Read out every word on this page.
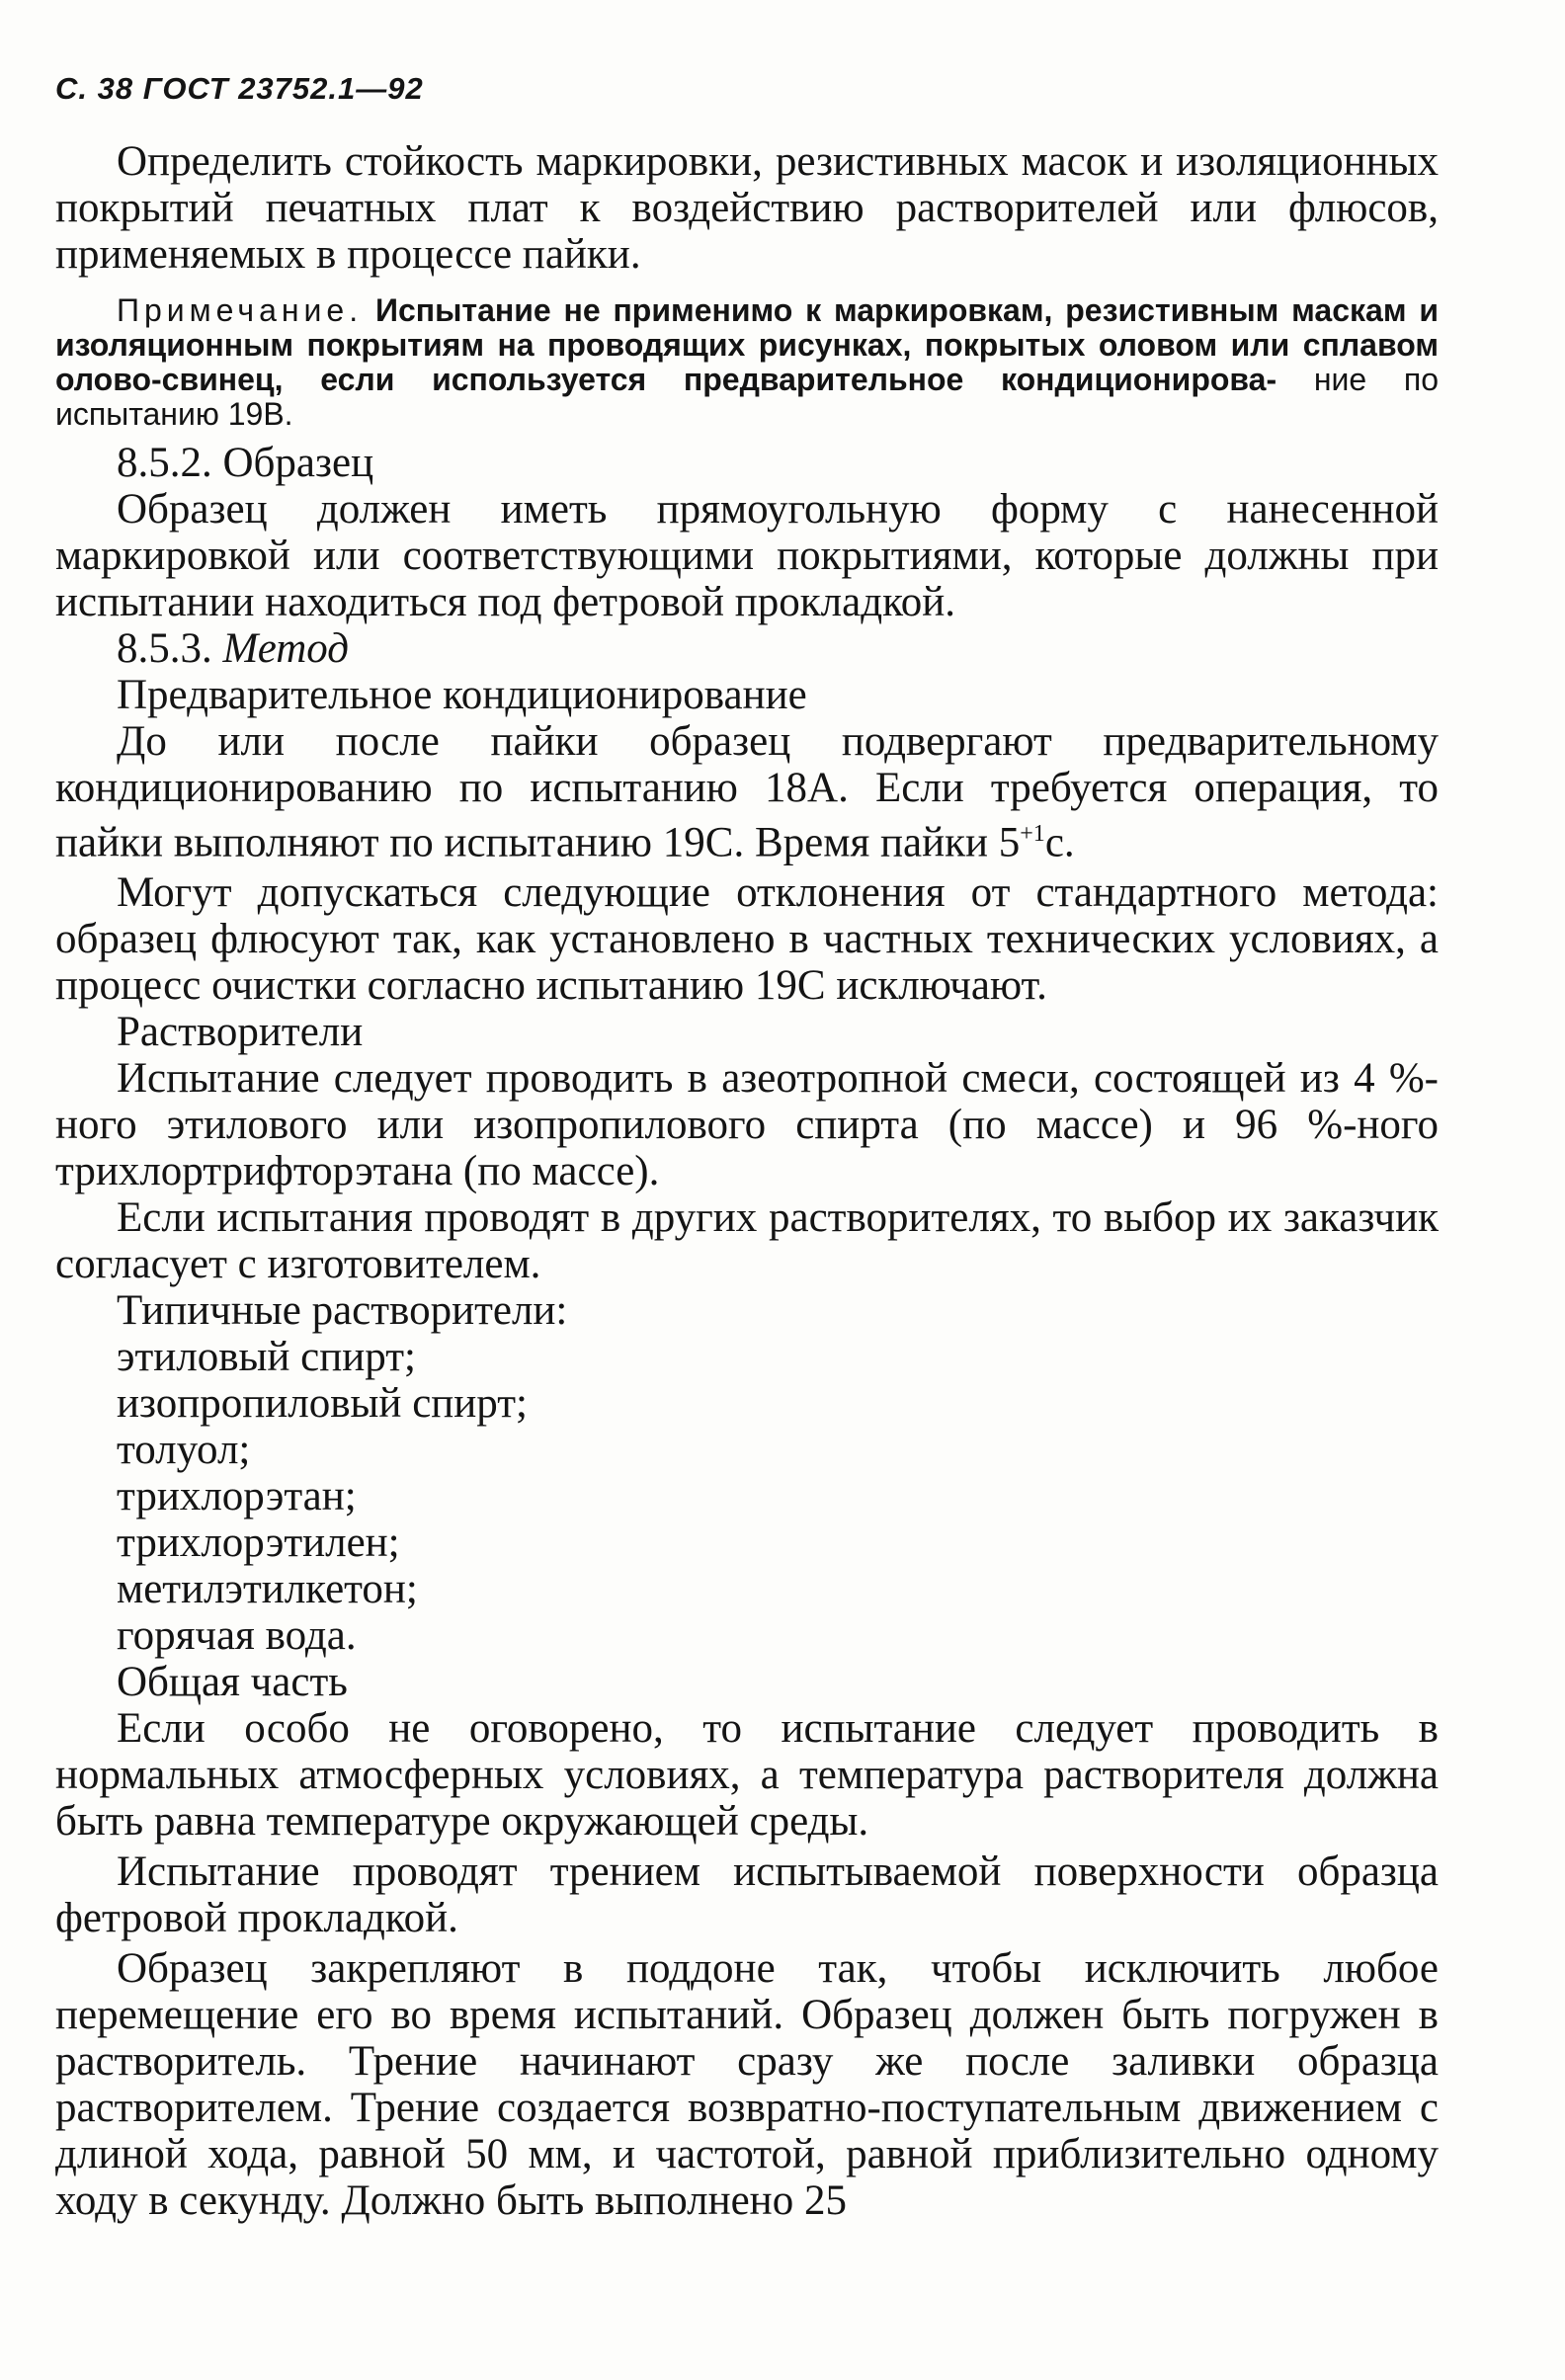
С. 38 ГОСТ 23752.1—92

Определить стойкость маркировки, резистивных масок и изоляционных покрытий печатных плат к воздействию растворителей или флюсов, применяемых в процессе пайки.

Примечание. Испытание не применимо к маркировкам, резистивным маскам и изоляционным покрытиям на проводящих рисунках, покрытых оловом или сплавом олово-свинец, если используется предварительное кондиционирова- ние по испытанию 19В.

8.5.2. Образец

Образец должен иметь прямоугольную форму с нанесенной маркировкой или соответствующими покрытиями, которые должны при испытании находиться под фетровой прокладкой.

8.5.3. Метод
Предварительное кондиционирование

До или после пайки образец подвергают предварительному кондиционированию по испытанию 18А. Если требуется операция, то пайки выполняют по испытанию 19С. Время пайки $5^{+1}с$.

Могут допускаться следующие отклонения от стандартного метода: образец флюсуют так, как установлено в частных технических условиях, а процесс очистки согласно испытанию 19С исключают.

Растворители

Испытание следует проводить в азеотропной смеси, состоящей из 4 %-ного этилового или изопропилового спирта (по массе) и 96 %-ного трихлортрифторэтана (по массе).

Если испытания проводят в других растворителях, то выбор их заказчик согласует с изготовителем.

Типичные растворители:
этиловый спирт;
изопропиловый спирт;
толуол;
трихлорэтан;
трихлорэтилен;
метилэтилкетон;
горячая вода.
Общая часть

Если особо не оговорено, то испытание следует проводить в нормальных атмосферных условиях, а температура растворителя должна быть равна температуре окружающей среды.

Испытание проводят трением испытываемой поверхности образца фетровой прокладкой.

Образец закрепляют в поддоне так, чтобы исключить любое перемещение его во время испытаний. Образец должен быть погружен в растворитель. Трение начинают сразу же после заливки образца растворителем. Трение создается возвратно-поступательным движением с длиной хода, равной 50 мм, и частотой, равной приблизительно одному ходу в секунду. Должно быть выполнено 25
